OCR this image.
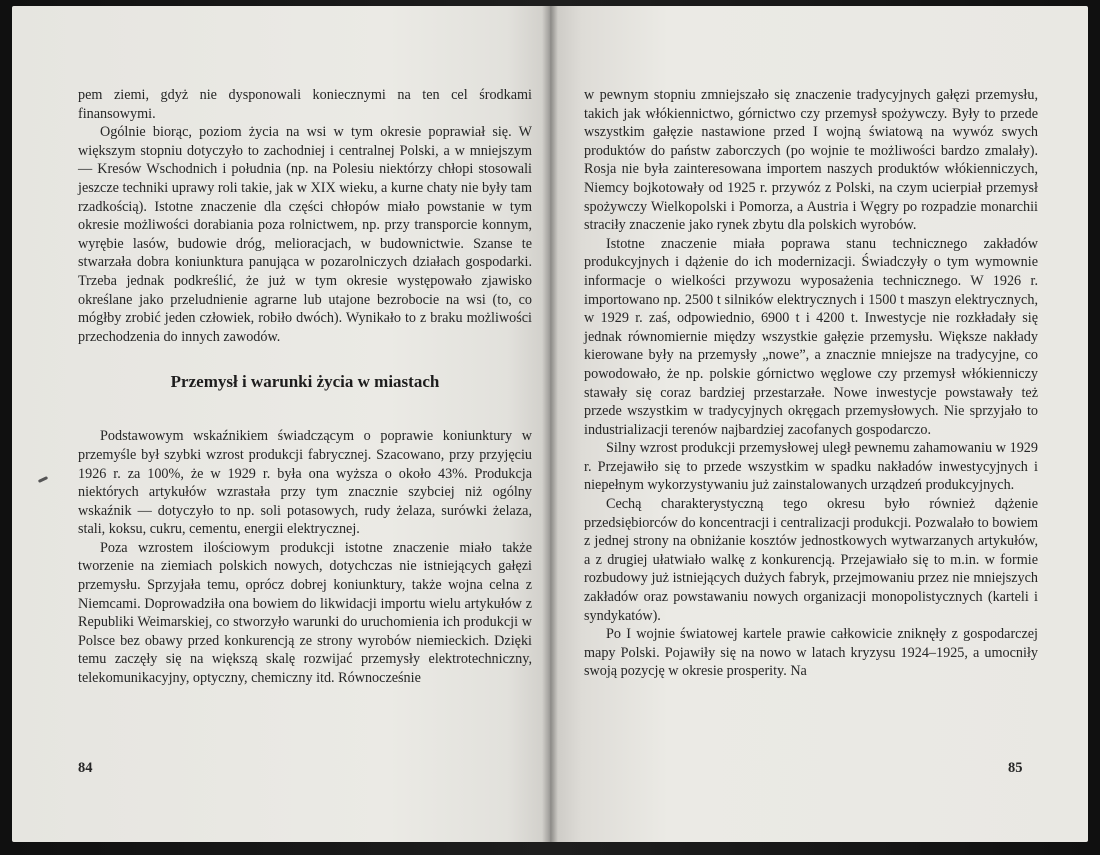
pem ziemi, gdyż nie dysponowali koniecznymi na ten cel środkami finansowymi.

Ogólnie biorąc, poziom życia na wsi w tym okresie poprawiał się. W większym stopniu dotyczyło to zachodniej i centralnej Polski, a w mniejszym — Kresów Wschodnich i południa (np. na Polesiu niektórzy chłopi stosowali jeszcze techniki uprawy roli takie, jak w XIX wieku, a kurne chaty nie były tam rzadkością). Istotne znaczenie dla części chłopów miało powstanie w tym okresie możliwości dorabiania poza rolnictwem, np. przy transporcie konnym, wyrębie lasów, budowie dróg, melioracjach, w budownictwie. Szanse te stwarzała dobra koniunktura panująca w pozarolniczych działach gospodarki. Trzeba jednak podkreślić, że już w tym okresie występowało zjawisko określane jako przeludnienie agrarne lub utajone bezrobocie na wsi (to, co mógłby zrobić jeden człowiek, robiło dwóch). Wynikało to z braku możliwości przechodzenia do innych zawodów.

Przemysł i warunki życia w miastach

Podstawowym wskaźnikiem świadczącym o poprawie koniunktury w przemyśle był szybki wzrost produkcji fabrycznej. Szacowano, przy przyjęciu 1926 r. za 100%, że w 1929 r. była ona wyższa o około 43%. Produkcja niektórych artykułów wzrastała przy tym znacznie szybciej niż ogólny wskaźnik — dotyczyło to np. soli potasowych, rudy żelaza, surówki żelaza, stali, koksu, cukru, cementu, energii elektrycznej.

Poza wzrostem ilościowym produkcji istotne znaczenie miało także tworzenie na ziemiach polskich nowych, dotychczas nie istniejących gałęzi przemysłu. Sprzyjała temu, oprócz dobrej koniunktury, także wojna celna z Niemcami. Doprowadziła ona bowiem do likwidacji importu wielu artykułów z Republiki Weimarskiej, co stworzyło warunki do uruchomienia ich produkcji w Polsce bez obawy przed konkurencją ze strony wyrobów niemieckich. Dzięki temu zaczęły się na większą skalę rozwijać przemysły elektrotechniczny, telekomunikacyjny, optyczny, chemiczny itd. Równocześnie

84

w pewnym stopniu zmniejszało się znaczenie tradycyjnych gałęzi przemysłu, takich jak włókiennictwo, górnictwo czy przemysł spożywczy. Były to przede wszystkim gałęzie nastawione przed I wojną światową na wywóz swych produktów do państw zaborczych (po wojnie te możliwości bardzo zmalały). Rosja nie była zainteresowana importem naszych produktów włókienniczych, Niemcy bojkotowały od 1925 r. przywóz z Polski, na czym ucierpiał przemysł spożywczy Wielkopolski i Pomorza, a Austria i Węgry po rozpadzie monarchii straciły znaczenie jako rynek zbytu dla polskich wyrobów.

Istotne znaczenie miała poprawa stanu technicznego zakładów produkcyjnych i dążenie do ich modernizacji. Świadczyły o tym wymownie informacje o wielkości przywozu wyposażenia technicznego. W 1926 r. importowano np. 2500 t silników elektrycznych i 1500 t maszyn elektrycznych, w 1929 r. zaś, odpowiednio, 6900 t i 4200 t. Inwestycje nie rozkładały się jednak równomiernie między wszystkie gałęzie przemysłu. Większe nakłady kierowane były na przemysły „nowe”, a znacznie mniejsze na tradycyjne, co powodowało, że np. polskie górnictwo węglowe czy przemysł włókienniczy stawały się coraz bardziej przestarzałe. Nowe inwestycje powstawały też przede wszystkim w tradycyjnych okręgach przemysłowych. Nie sprzyjało to industrializacji terenów najbardziej zacofanych gospodarczo.

Silny wzrost produkcji przemysłowej uległ pewnemu zahamowaniu w 1929 r. Przejawiło się to przede wszystkim w spadku nakładów inwestycyjnych i niepełnym wykorzystywaniu już zainstalowanych urządzeń produkcyjnych.

Cechą charakterystyczną tego okresu było również dążenie przedsiębiorców do koncentracji i centralizacji produkcji. Pozwalało to bowiem z jednej strony na obniżanie kosztów jednostkowych wytwarzanych artykułów, a z drugiej ułatwiało walkę z konkurencją. Przejawiało się to m.in. w formie rozbudowy już istniejących dużych fabryk, przejmowaniu przez nie mniejszych zakładów oraz powstawaniu nowych organizacji monopolistycznych (karteli i syndykatów).

Po I wojnie światowej kartele prawie całkowicie zniknęły z gospodarczej mapy Polski. Pojawiły się na nowo w latach kryzysu 1924–1925, a umocniły swoją pozycję w okresie prosperity. Na

85
